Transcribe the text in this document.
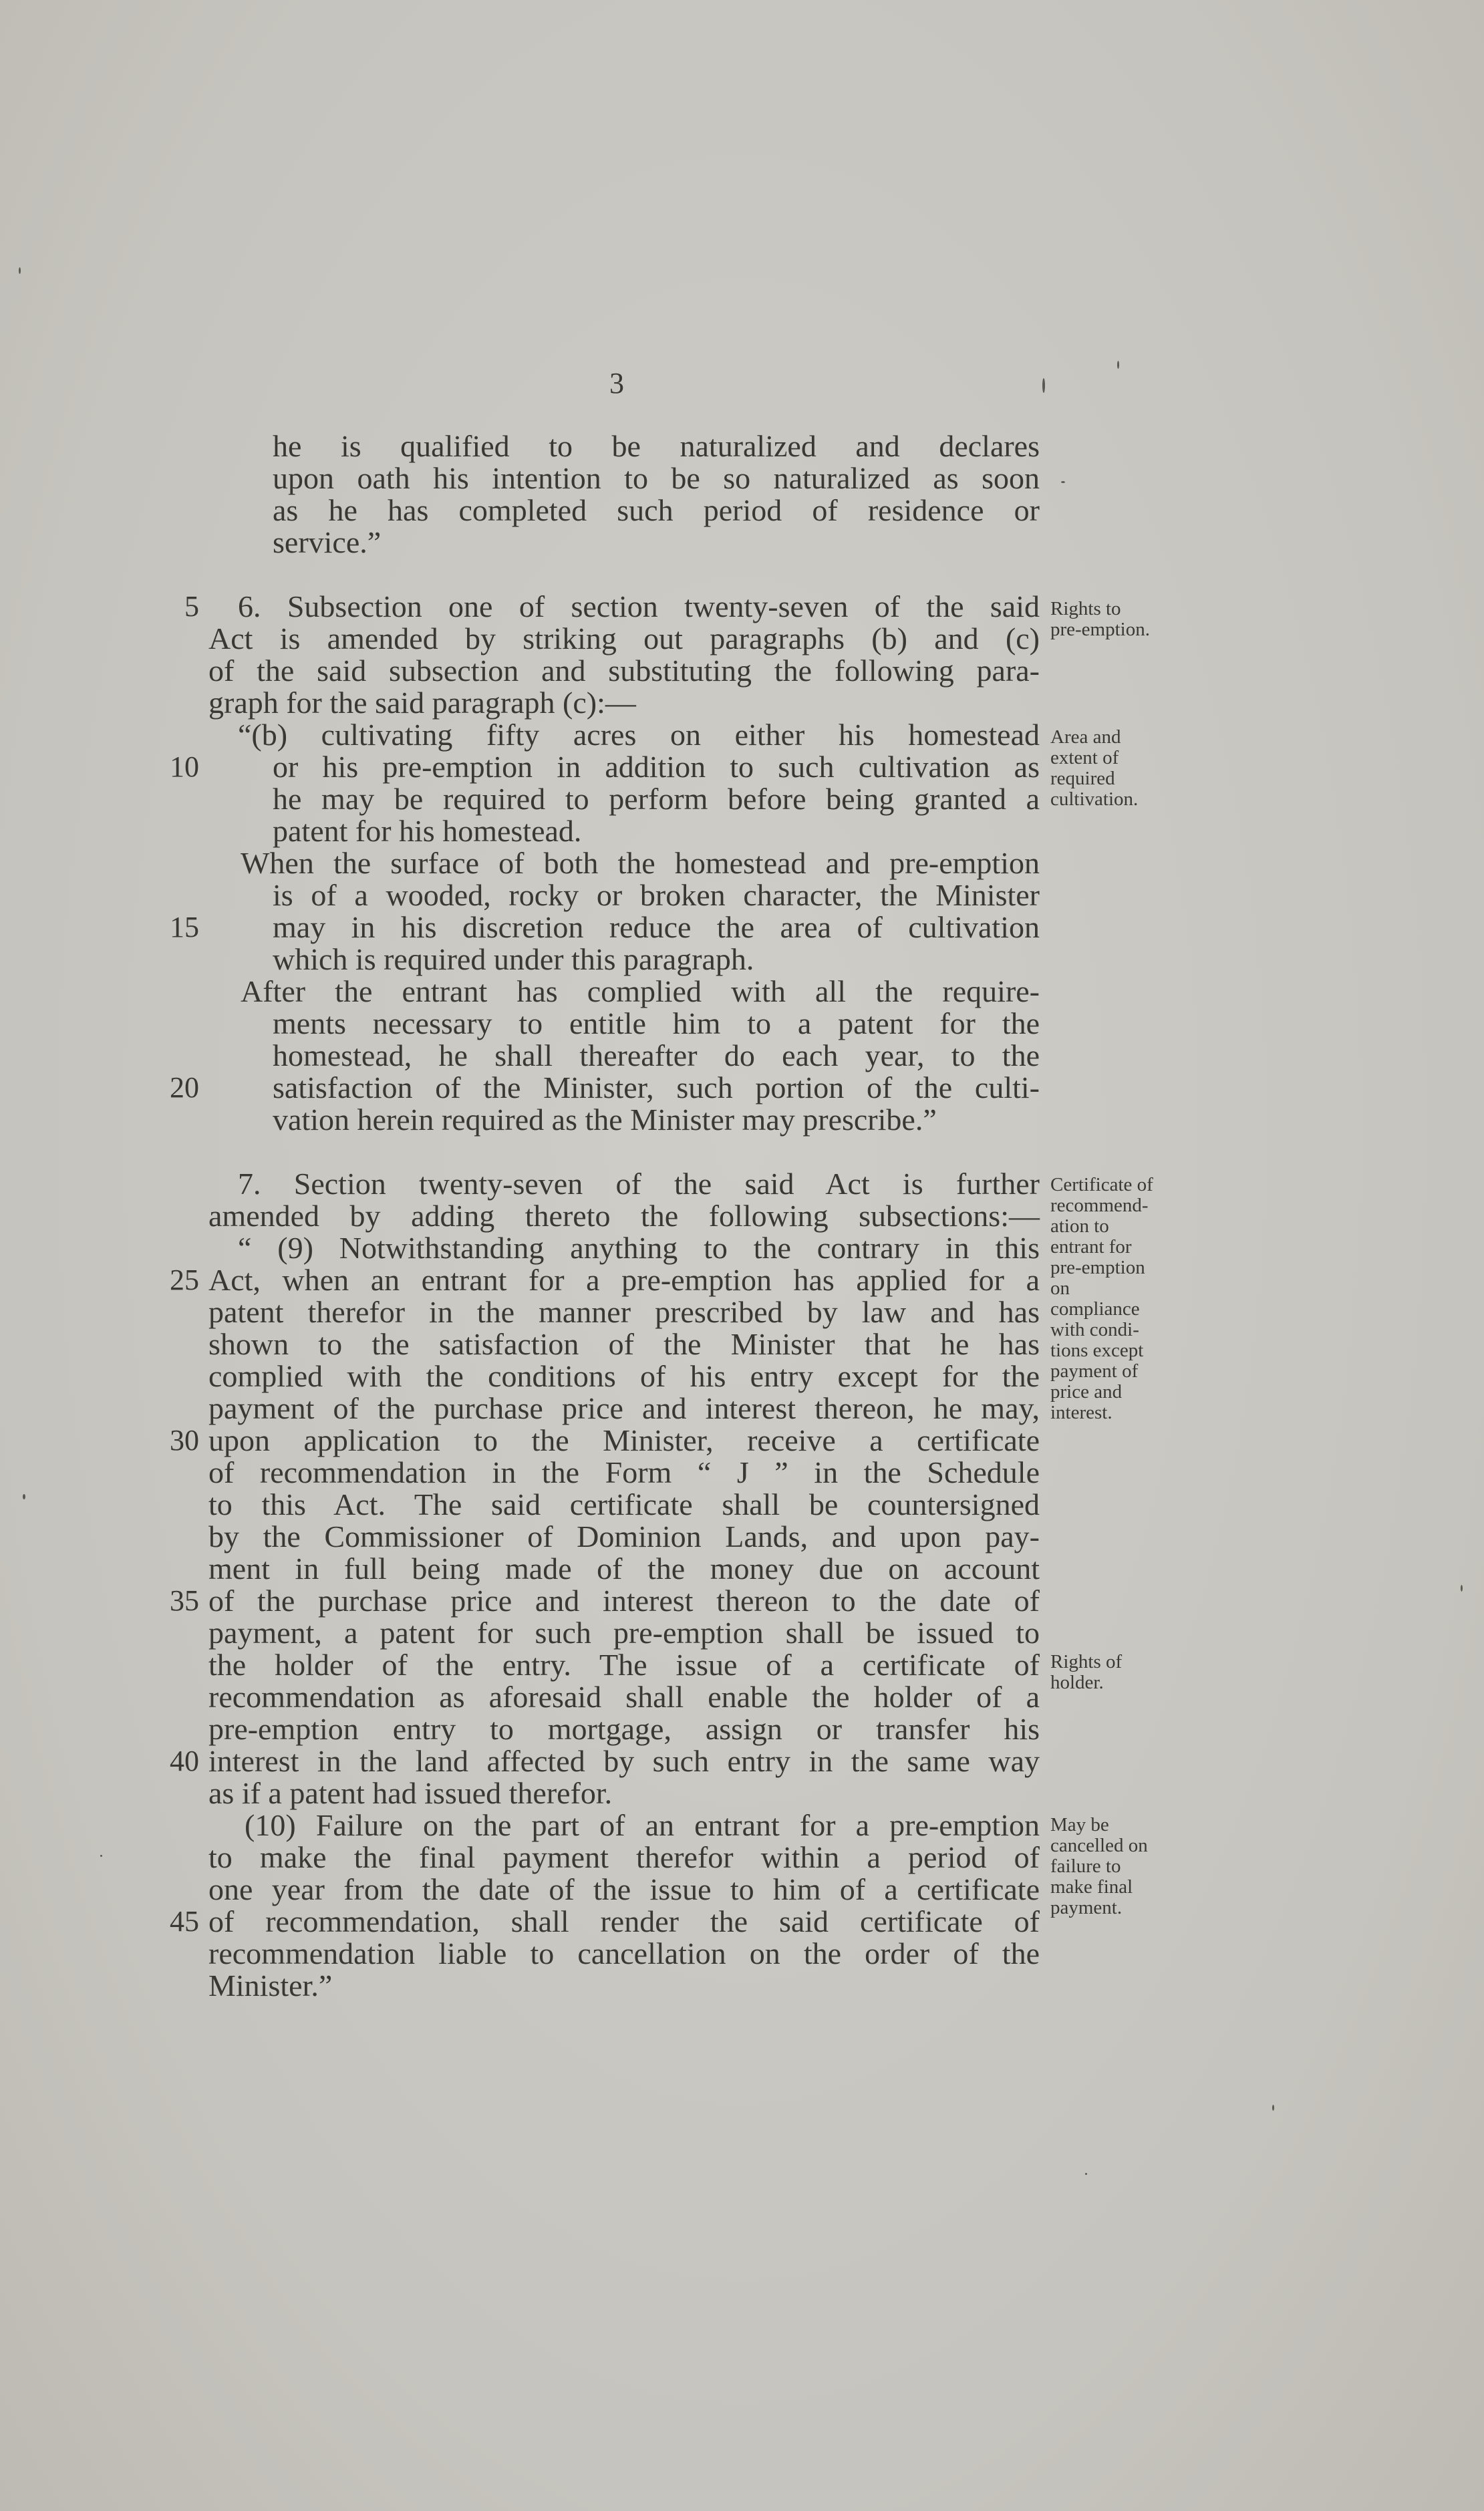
3
he is qualified to be naturalized and declares
upon oath his intention to be so naturalized as soon
as he has completed such period of residence or
service.”
6. Subsection one of section twenty-seven of the said
Act is amended by striking out paragraphs (b) and (c)
of the said subsection and substituting the following para-
graph for the said paragraph (c):—
“(b) cultivating fifty acres on either his homestead
or his pre-emption in addition to such cultivation as
he may be required to perform before being granted a
patent for his homestead.
When the surface of both the homestead and pre-emption
is of a wooded, rocky or broken character, the Minister
may in his discretion reduce the area of cultivation
which is required under this paragraph.
After the entrant has complied with all the require-
ments necessary to entitle him to a patent for the
homestead, he shall thereafter do each year, to the
satisfaction of the Minister, such portion of the culti-
vation herein required as the Minister may prescribe.”
7. Section twenty-seven of the said Act is further
amended by adding thereto the following subsections:—
“ (9) Notwithstanding anything to the contrary in this
Act, when an entrant for a pre-emption has applied for a
patent therefor in the manner prescribed by law and has
shown to the satisfaction of the Minister that he has
complied with the conditions of his entry except for the
payment of the purchase price and interest thereon, he may,
upon application to the Minister, receive a certificate
of recommendation in the Form “ J ” in the Schedule
to this Act. The said certificate shall be countersigned
by the Commissioner of Dominion Lands, and upon pay-
ment in full being made of the money due on account
of the purchase price and interest thereon to the date of
payment, a patent for such pre-emption shall be issued to
the holder of the entry. The issue of a certificate of
recommendation as aforesaid shall enable the holder of a
pre-emption entry to mortgage, assign or transfer his
interest in the land affected by such entry in the same way
as if a patent had issued therefor.
(10) Failure on the part of an entrant for a pre-emption
to make the final payment therefor within a period of
one year from the date of the issue to him of a certificate
of recommendation, shall render the said certificate of
recommendation liable to cancellation on the order of the
Minister.”
5
10
15
20
25
30
35
40
45
Rights to
pre-emption.
Area and
extent of
required
cultivation.
Certificate of
recommend-
ation to
entrant for
pre-emption
on
compliance
with condi-
tions except
payment of
price and
interest.
Rights of
holder.
May be
cancelled on
failure to
make final
payment.
